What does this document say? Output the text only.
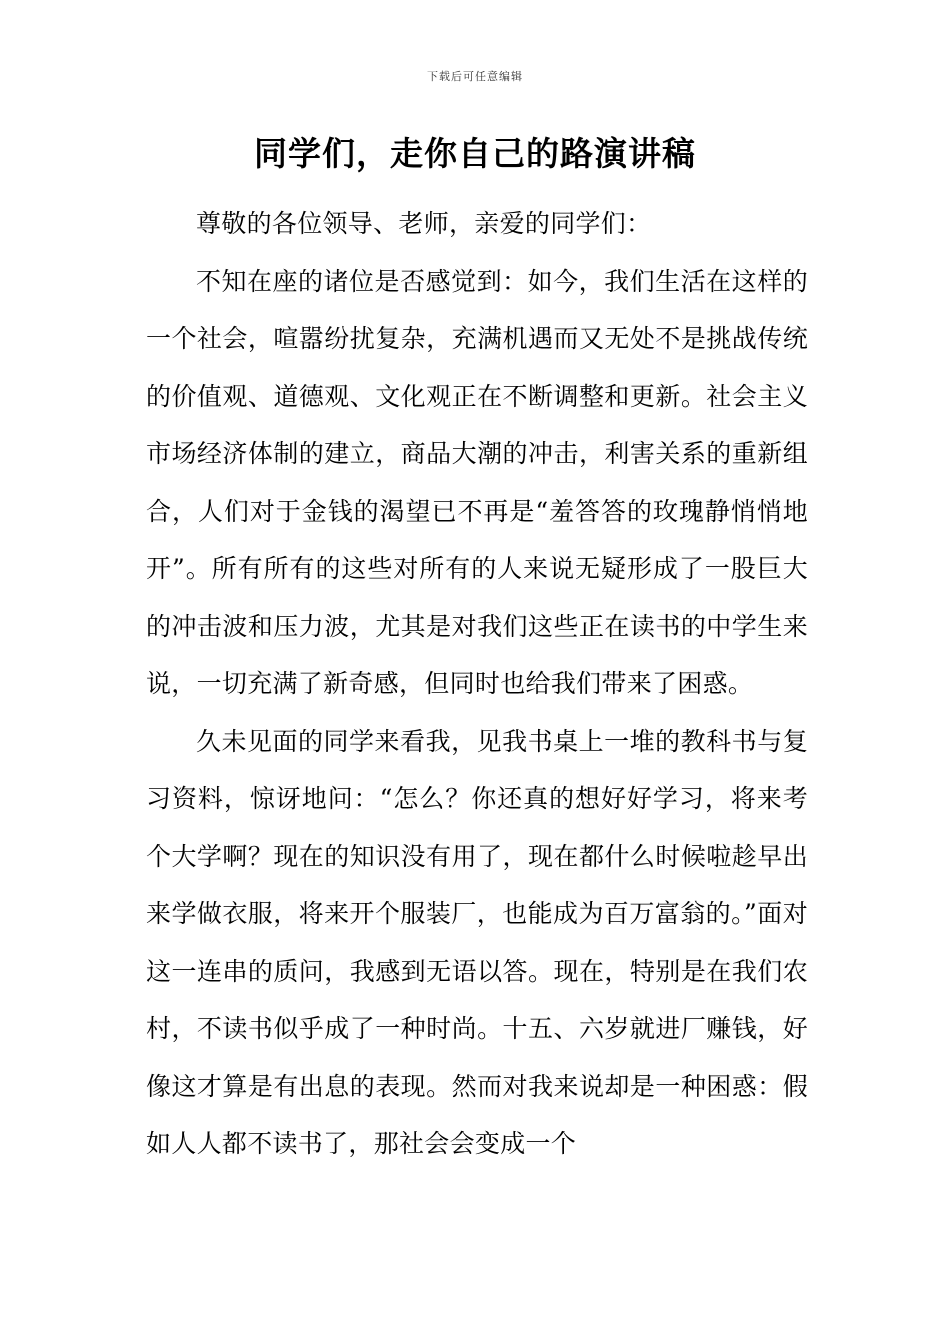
下载后可任意编辑
同学们，走你自己的路演讲稿

尊敬的各位领导、老师，亲爱的同学们：

不知在座的诸位是否感觉到：如今，我们生活在这样的一个社会，喧嚣纷扰复杂，充满机遇而又无处不是挑战传统的价值观、道德观、文化观正在不断调整和更新。社会主义市场经济体制的建立，商品大潮的冲击，利害关系的重新组合，人们对于金钱的渴望已不再是“羞答答的玫瑰静悄悄地开”。所有所有的这些对所有的人来说无疑形成了一股巨大的冲击波和压力波，尤其是对我们这些正在读书的中学生来说，一切充满了新奇感，但同时也给我们带来了困惑。

久未见面的同学来看我，见我书桌上一堆的教科书与复习资料，惊讶地问：“怎么？你还真的想好好学习，将来考个大学啊？现在的知识没有用了，现在都什么时候啦趁早出来学做衣服，将来开个服装厂，也能成为百万富翁的。”面对这一连串的质问，我感到无语以答。现在，特别是在我们农村，不读书似乎成了一种时尚。十五、六岁就进厂赚钱，好像这才算是有出息的表现。然而对我来说却是一种困惑：假如人人都不读书了，那社会会变成一个
